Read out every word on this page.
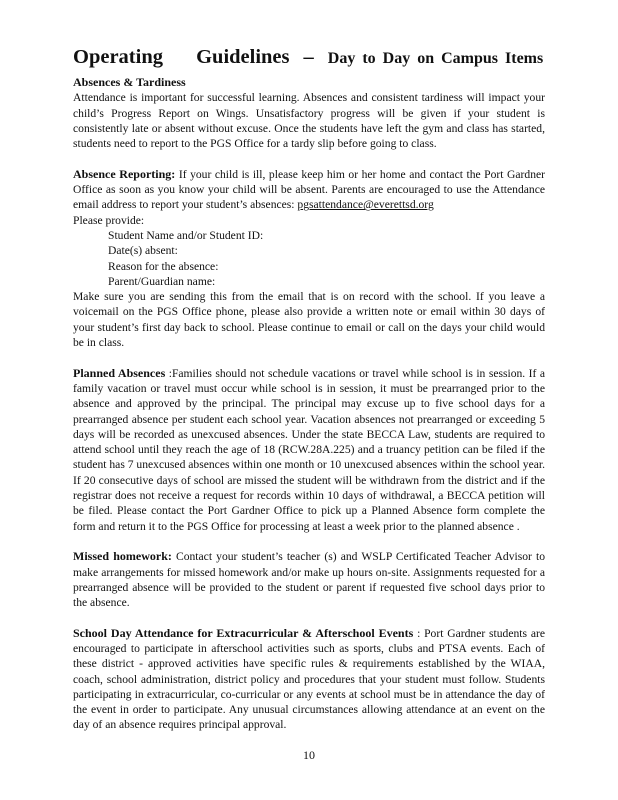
Operating Guidelines – Day to Day on Campus Items

Absences & Tardiness
Attendance is important for successful learning. Absences and consistent tardiness will impact your child’s Progress Report on Wings. Unsatisfactory progress will be given if your student is consistently late or absent without excuse. Once the students have left the gym and class has started, students need to report to the PGS Office for a tardy slip before going to class.

Absence Reporting: If your child is ill, please keep him or her home and contact the Port Gardner Office as soon as you know your child will be absent. Parents are encouraged to use the Attendance email address to report your student’s absences: pgsattendance@everettsd.org
Please provide:
Student Name and/or Student ID:
Date(s) absent:
Reason for the absence:
Parent/Guardian name:
Make sure you are sending this from the email that is on record with the school. If you leave a voicemail on the PGS Office phone, please also provide a written note or email within 30 days of your student’s first day back to school. Please continue to email or call on the days your child would be in class.

Planned Absences :Families should not schedule vacations or travel while school is in session. If a family vacation or travel must occur while school is in session, it must be prearranged prior to the absence and approved by the principal. The principal may excuse up to five school days for a prearranged absence per student each school year. Vacation absences not prearranged or exceeding 5 days will be recorded as unexcused absences. Under the state BECCA Law, students are required to attend school until they reach the age of 18 (RCW.28A.225) and a truancy petition can be filed if the student has 7 unexcused absences within one month or 10 unexcused absences within the school year. If 20 consecutive days of school are missed the student will be withdrawn from the district and if the registrar does not receive a request for records within 10 days of withdrawal, a BECCA petition will be filed. Please contact the Port Gardner Office to pick up a Planned Absence form complete the form and return it to the PGS Office for processing at least a week prior to the planned absence .

Missed homework: Contact your student’s teacher (s) and WSLP Certificated Teacher Advisor to make arrangements for missed homework and/or make up hours on-site. Assignments requested for a prearranged absence will be provided to the student or parent if requested five school days prior to the absence.

School Day Attendance for Extracurricular & Afterschool Events : Port Gardner students are encouraged to participate in afterschool activities such as sports, clubs and PTSA events. Each of these district - approved activities have specific rules & requirements established by the WIAA, coach, school administration, district policy and procedures that your student must follow. Students participating in extracurricular, co-curricular or any events at school must be in attendance the day of the event in order to participate. Any unusual circumstances allowing attendance at an event on the day of an absence requires principal approval.

10
